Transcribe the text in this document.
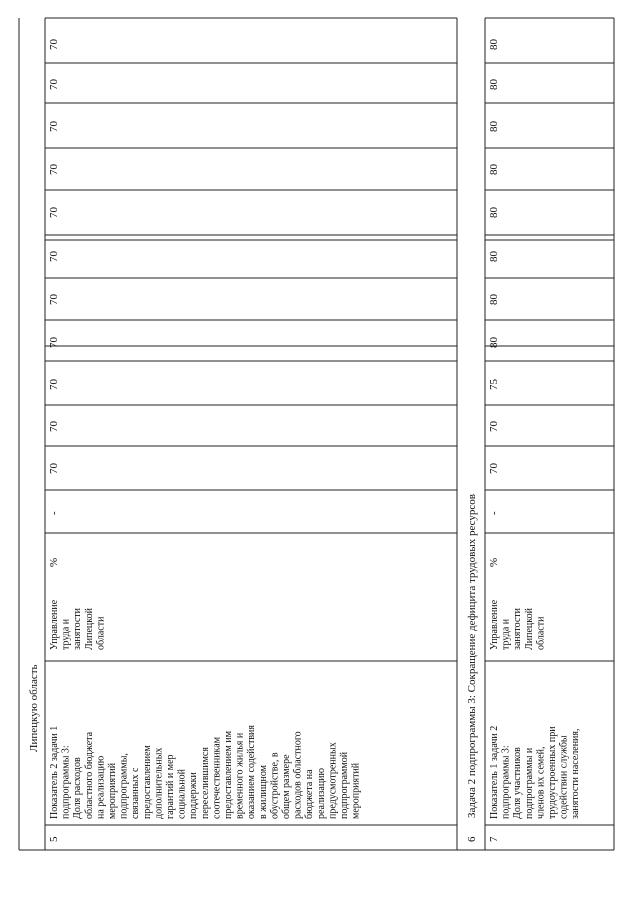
Липецкую область
6
Задача 2 подпрограммы 3: Сокращение дефицита трудовых ресурсов
5
Показатель 2 задачи 1 подпрограммы 3: Доля расходов областного бюджета на реализацию мероприятий подпрограммы, связанных с предоставлением дополнительных гарантий и мер социальной поддержки переселившимся соотечественникам предоставлением им временного жилья и оказанием содействия в жилищном обустройстве, в общем размере расходов областного бюджета на реализацию предусмотренных подпрограммой мероприятий
Управление труда и занятости Липецкой области
%
-
70
70
70
70
70
70
70
70
70
70
70
7
Показатель 1 задачи 2 подпрограммы 3: Доля участников подпрограммы и членов их семей, трудоустроенных при содействии службы занятости населения,
Управление труда и занятости Липецкой области
%
-
70
70
75
80
80
80
80
80
80
80
80
